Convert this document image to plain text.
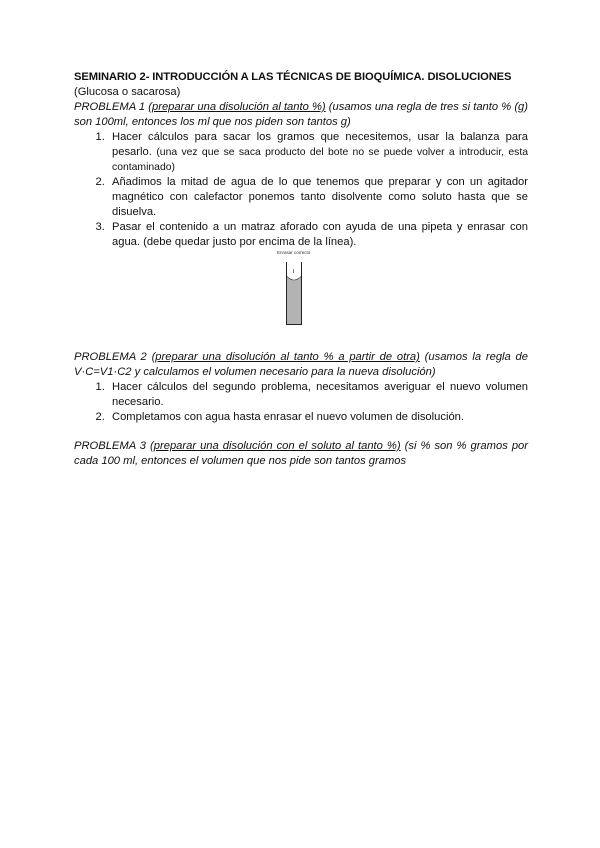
SEMINARIO 2- INTRODUCCIÓN A LAS TÉCNICAS DE BIOQUÍMICA. DISOLUCIONES
(Glucosa o sacarosa)
PROBLEMA 1 (preparar una disolución al tanto %) (usamos una regla de tres si tanto % (g) son 100ml, entonces los ml que nos piden son tantos g)
1. Hacer cálculos para sacar los gramos que necesitemos, usar la balanza para pesarlo. (una vez que se saca producto del bote no se puede volver a introducir, esta contaminado)
2. Añadimos la mitad de agua de lo que tenemos que preparar y con un agitador magnético con calefactor ponemos tanto disolvente como soluto hasta que se disuelva.
3. Pasar el contenido a un matraz aforado con ayuda de una pipeta y enrasar con agua. (debe quedar justo por encima de la línea).
Enrasar correcto
PROBLEMA 2 (preparar una disolución al tanto % a partir de otra) (usamos la regla de V·C=V1·C2 y calculamos el volumen necesario para la nueva disolución)
1. Hacer cálculos del segundo problema, necesitamos averiguar el nuevo volumen necesario.
2. Completamos con agua hasta enrasar el nuevo volumen de disolución.
PROBLEMA 3 (preparar una disolución con el soluto al tanto %) (si % son % gramos por cada 100 ml, entonces el volumen que nos pide son tantos gramos
